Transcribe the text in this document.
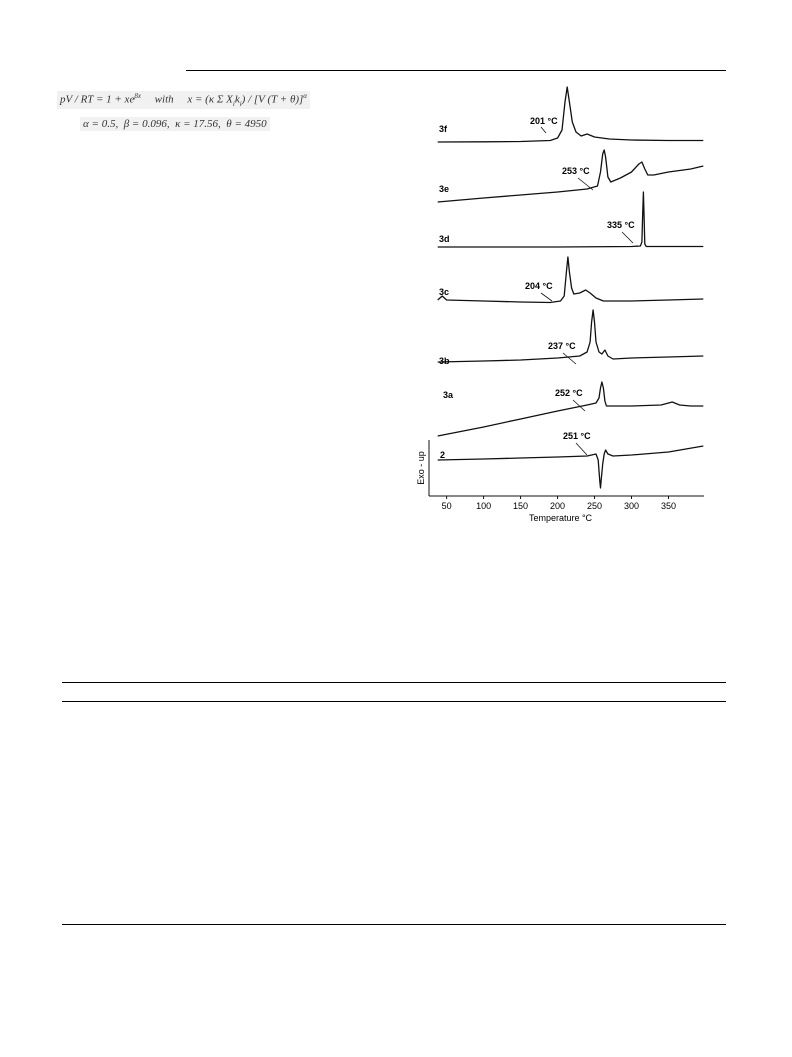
pV / RT = $1 + xe^{\beta x}$     with     x = (κ Σ $X_ik_i) / [V$ (T + θ)]$^\alpha$
α = 0.5,  β = 0.096,  κ = 17.56,  θ = 4950	3f
201 °C
3e
253 °C
3d
335 °C
3c
204 °C
3b
237 °C
3a	252 °C
2
251 °C
50	100 150 200 250 300 350
Temperature °C
Exo - up
